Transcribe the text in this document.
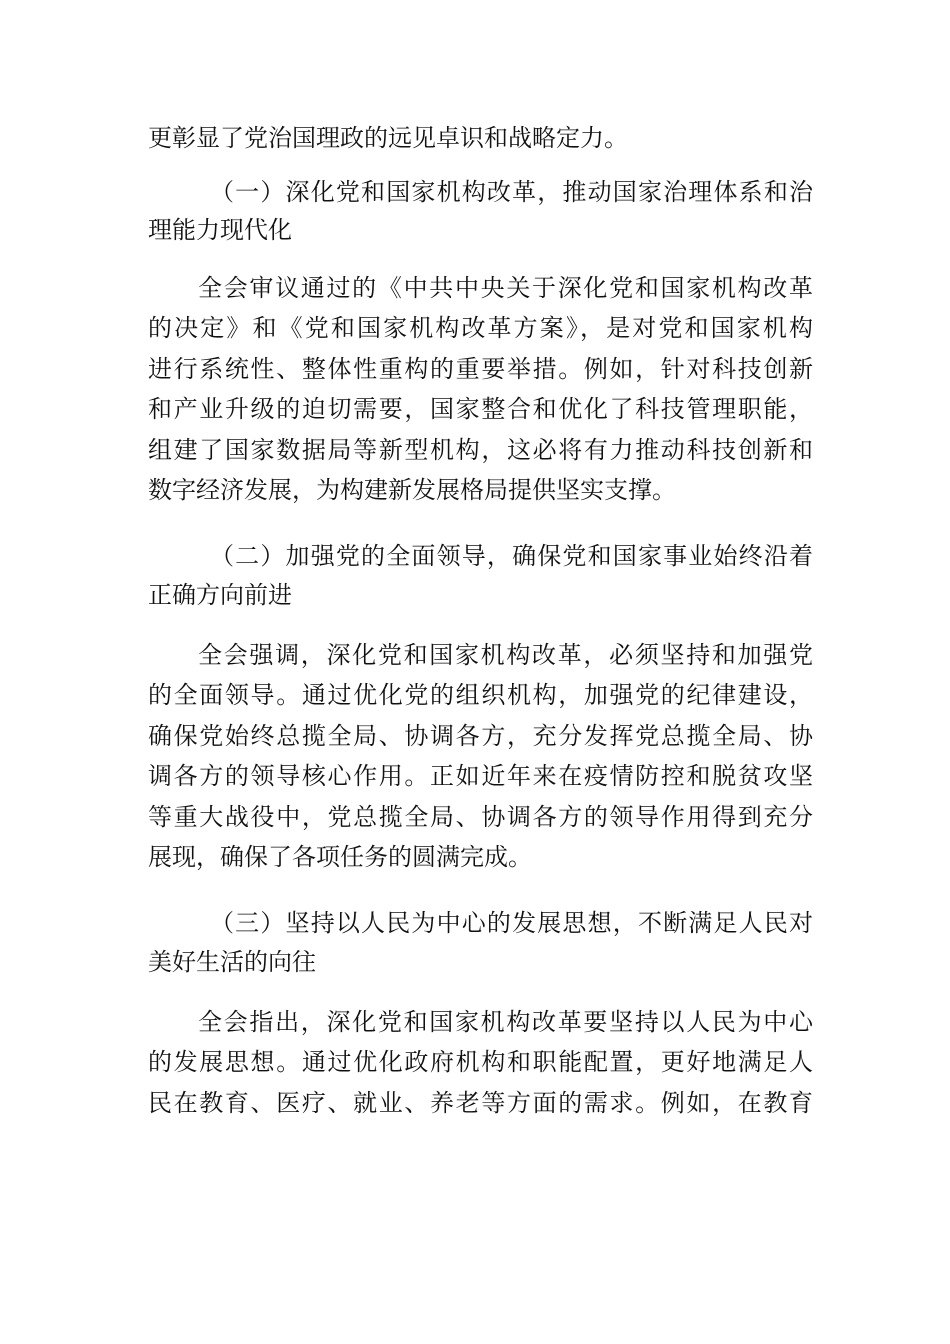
更彰显了党治国理政的远见卓识和战略定力。
（一）深化党和国家机构改革，推动国家治理体系和治
理能力现代化
全会审议通过的《中共中央关于深化党和国家机构改革
的决定》和《党和国家机构改革方案》，是对党和国家机构
进行系统性、整体性重构的重要举措。例如，针对科技创新
和产业升级的迫切需要，国家整合和优化了科技管理职能，
组建了国家数据局等新型机构，这必将有力推动科技创新和
数字经济发展，为构建新发展格局提供坚实支撑。
（二）加强党的全面领导，确保党和国家事业始终沿着
正确方向前进
全会强调，深化党和国家机构改革，必须坚持和加强党
的全面领导。通过优化党的组织机构，加强党的纪律建设，
确保党始终总揽全局、协调各方，充分发挥党总揽全局、协
调各方的领导核心作用。正如近年来在疫情防控和脱贫攻坚
等重大战役中，党总揽全局、协调各方的领导作用得到充分
展现，确保了各项任务的圆满完成。
（三）坚持以人民为中心的发展思想，不断满足人民对
美好生活的向往
全会指出，深化党和国家机构改革要坚持以人民为中心
的发展思想。通过优化政府机构和职能配置，更好地满足人
民在教育、医疗、就业、养老等方面的需求。例如，在教育
